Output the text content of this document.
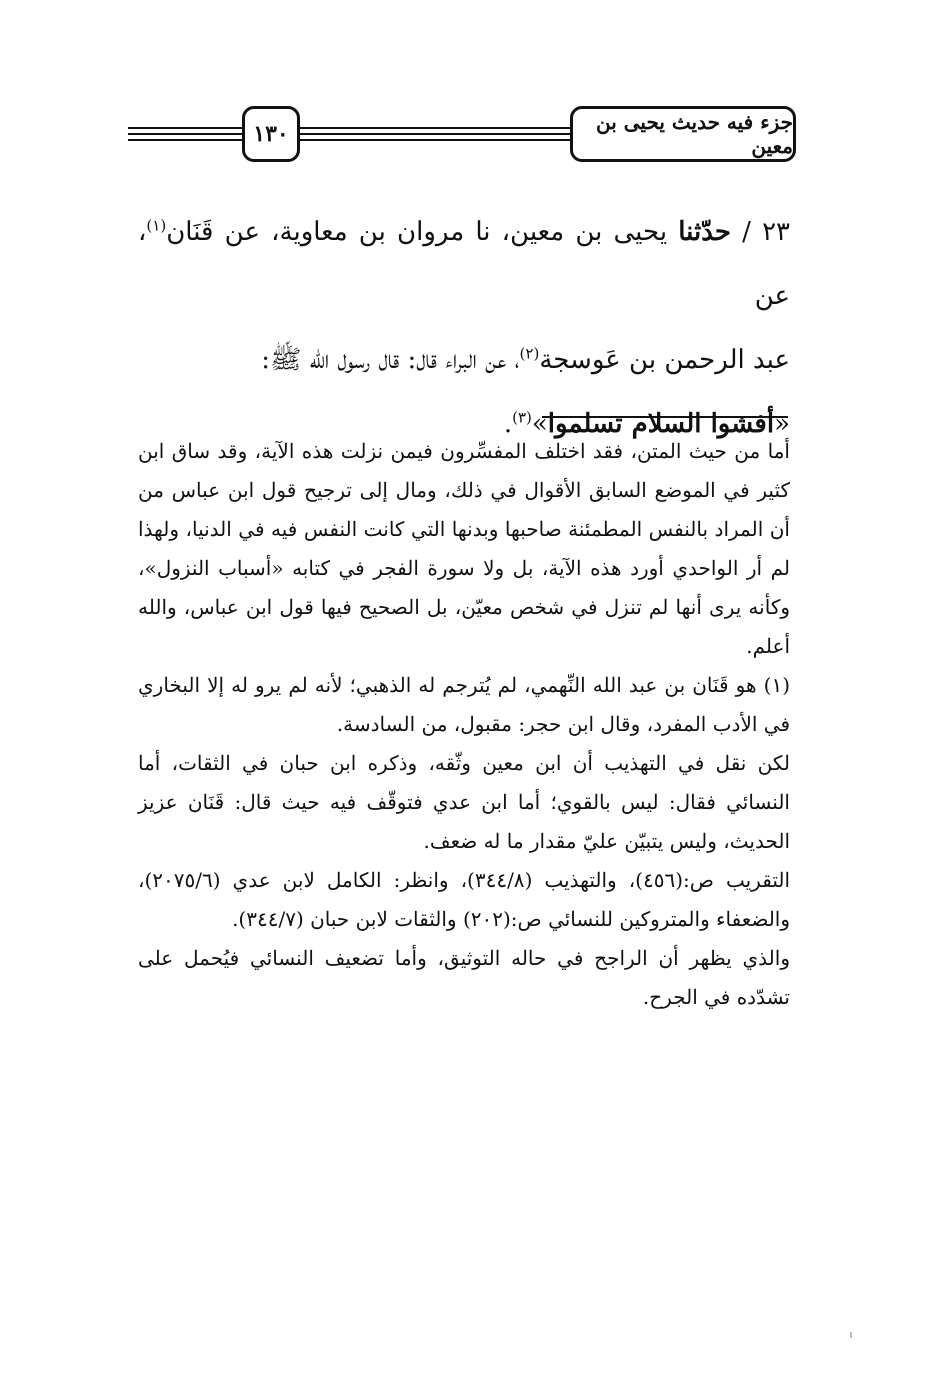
١٣٠	جزء فيه حديث يحيى بن معين

٢٣ / حدّثنا يحيى بن معين، نا مروان بن معاوية، عن قَنَان$^{(١)}$، عن

عبد الرحمن بن عَوسجة$^{(٢)}$، عن البراء قال: قال رسول الله ﷺ:

«أفشوا السلام تسلموا»$^{(٣)}$.

أما من حيث المتن، فقد اختلف المفسِّرون فيمن نزلت هذه الآية، وقد ساق ابن كثير في الموضع السابق الأقوال في ذلك، ومال إلى ترجيح قول ابن عباس من أن المراد بالنفس المطمئنة صاحبها وبدنها التي كانت النفس فيه في الدنيا، ولهذا لم أر الواحدي أورد هذه الآية، بل ولا سورة الفجر في كتابه «أسباب النزول»، وكأنه يرى أنها لم تنزل في شخص معيّن، بل الصحيح فيها قول ابن عباس، والله أعلم.

(١) هو قَنَان بن عبد الله النِّهمي، لم يُترجم له الذهبي؛ لأنه لم يرو له إلا البخاري في الأدب المفرد، وقال ابن حجر: مقبول، من السادسة.

لكن نقل في التهذيب أن ابن معين وثّقه، وذكره ابن حبان في الثقات، أما النسائي فقال: ليس بالقوي؛ أما ابن عدي فتوقّف فيه حيث قال: قَنَان عزيز الحديث، وليس يتبيّن عليّ مقدار ما له ضعف.

التقريب ص:(٤٥٦)، والتهذيب (٣٤٤/٨)، وانظر: الكامل لابن عدي (٢٠٧٥/٦)، والضعفاء والمتروكين للنسائي ص:(٢٠٢) والثقات لابن حبان (٣٤٤/٧).

والذي يظهر أن الراجح في حاله التوثيق، وأما تضعيف النسائي فيُحمل على تشدّده في الجرح.
